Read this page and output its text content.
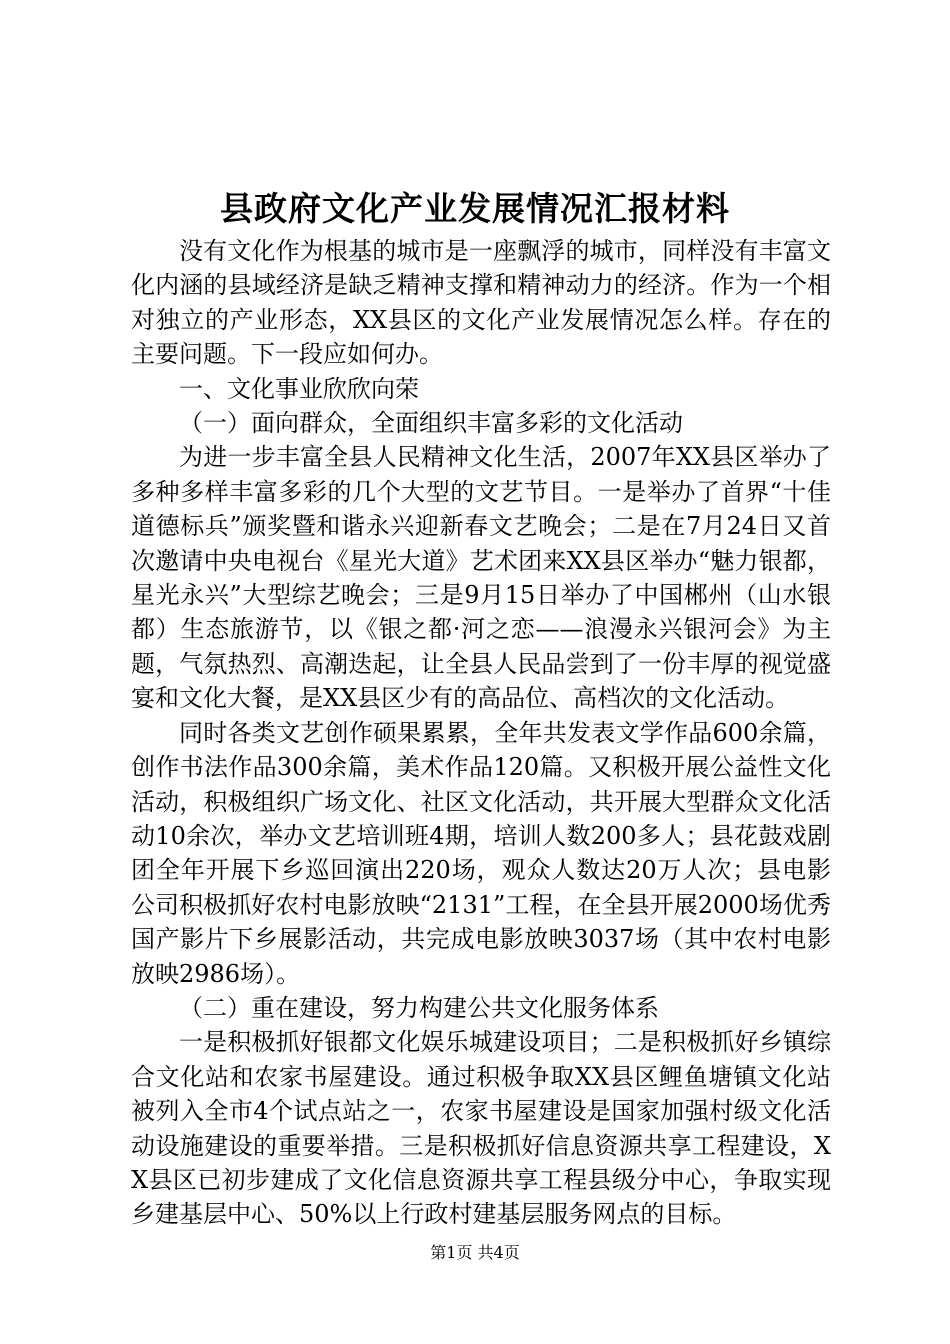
县政府文化产业发展情况汇报材料

没有文化作为根基的城市是一座飘浮的城市，同样没有丰富文化内涵的县域经济是缺乏精神支撑和精神动力的经济。作为一个相对独立的产业形态，XX县区的文化产业发展情况怎么样。存在的主要问题。下一段应如何办。

一、文化事业欣欣向荣

（一）面向群众，全面组织丰富多彩的文化活动

为进一步丰富全县人民精神文化生活，2007年XX县区举办了多种多样丰富多彩的几个大型的文艺节目。一是举办了首界“十佳道德标兵”颁奖暨和谐永兴迎新春文艺晚会；二是在7月24日又首次邀请中央电视台《星光大道》艺术团来XX县区举办“魅力银都，星光永兴”大型综艺晚会；三是9月15日举办了中国郴州（山水银都）生态旅游节，以《银之都·河之恋——浪漫永兴银河会》为主题，气氛热烈、高潮迭起，让全县人民品尝到了一份丰厚的视觉盛宴和文化大餐，是XX县区少有的高品位、高档次的文化活动。

同时各类文艺创作硕果累累，全年共发表文学作品600余篇，创作书法作品300余篇，美术作品120篇。又积极开展公益性文化活动，积极组织广场文化、社区文化活动，共开展大型群众文化活动10余次，举办文艺培训班4期，培训人数200多人；县花鼓戏剧团全年开展下乡巡回演出220场，观众人数达20万人次；县电影公司积极抓好农村电影放映“2131”工程，在全县开展2000场优秀国产影片下乡展影活动，共完成电影放映3037场（其中农村电影放映2986场）。

（二）重在建设，努力构建公共文化服务体系

一是积极抓好银都文化娱乐城建设项目；二是积极抓好乡镇综合文化站和农家书屋建设。通过积极争取XX县区鲤鱼塘镇文化站被列入全市4个试点站之一，农家书屋建设是国家加强村级文化活动设施建设的重要举措。三是积极抓好信息资源共享工程建设，XX县区已初步建成了文化信息资源共享工程县级分中心，争取实现乡建基层中心、50%以上行政村建基层服务网点的目标。

第1页 共4页
